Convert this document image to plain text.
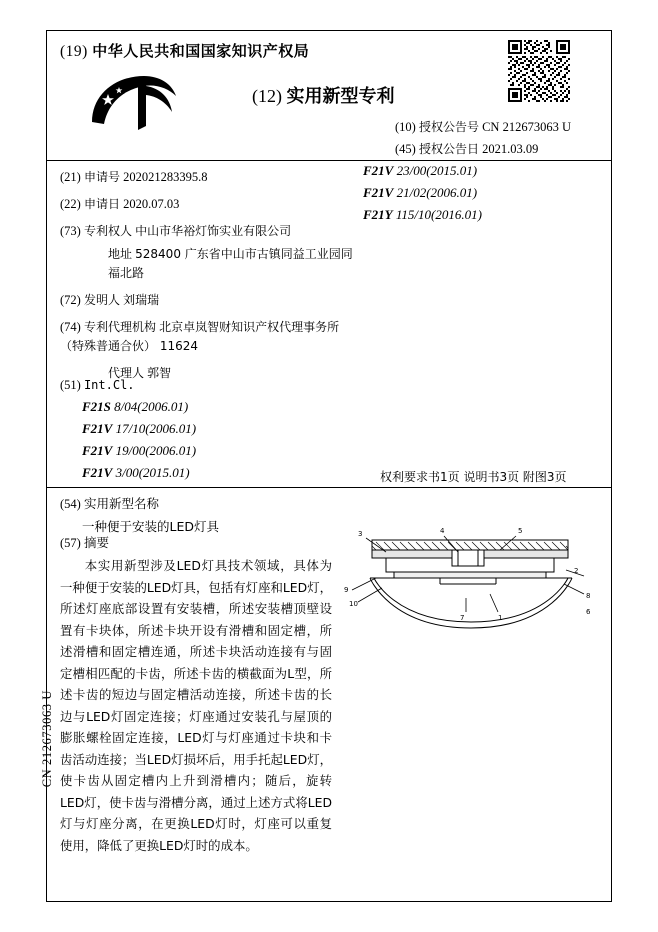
(19) 中华人民共和国国家知识产权局
(12) 实用新型专利
(10) 授权公告号 CN 212673063 U
(45) 授权公告日 2021.03.09
(21) 申请号 202021283395.8
(22) 申请日 2020.07.03
(73) 专利权人 中山市华裕灯饰实业有限公司
地址 528400 广东省中山市古镇同益工业园同福北路
(72) 发明人 刘瑞瑞
(74) 专利代理机构 北京卓岚智财知识产权代理事务所（特殊普通合伙） 11624
代理人 郭智
(51) Int.Cl.
F21S 8/04(2006.01)
F21V 17/10(2006.01)
F21V 19/00(2006.01)
F21V 3/00(2015.01)
F21V 23/00(2015.01)
F21V 21/02(2006.01)
F21Y 115/10(2016.01)
权利要求书1页 说明书3页 附图3页
(54) 实用新型名称
一种便于安装的LED灯具
(57) 摘要
本实用新型涉及LED灯具技术领域，具体为一种便于安装的LED灯具，包括有灯座和LED灯，所述灯座底部设置有安装槽，所述安装槽顶壁设置有卡块体，所述卡块开设有滑槽和固定槽，所述滑槽和固定槽连通，所述卡块活动连接有与固定槽相匹配的卡齿，所述卡齿的横截面为L型，所述卡齿的短边与固定槽活动连接，所述卡齿的长边与LED灯固定连接；灯座通过安装孔与屋顶的膨胀螺栓固定连接，LED灯与灯座通过卡块和卡齿活动连接；当LED灯损坏后，用手托起LED灯，使卡齿从固定槽内上升到滑槽内；随后，旋转LED灯，使卡齿与滑槽分离，通过上述方式将LED灯与灯座分离，在更换LED灯时，灯座可以重复使用，降低了更换LED灯时的成本。
3	4	5
2
9
10
7	1
8
6
CN 212673063 U
